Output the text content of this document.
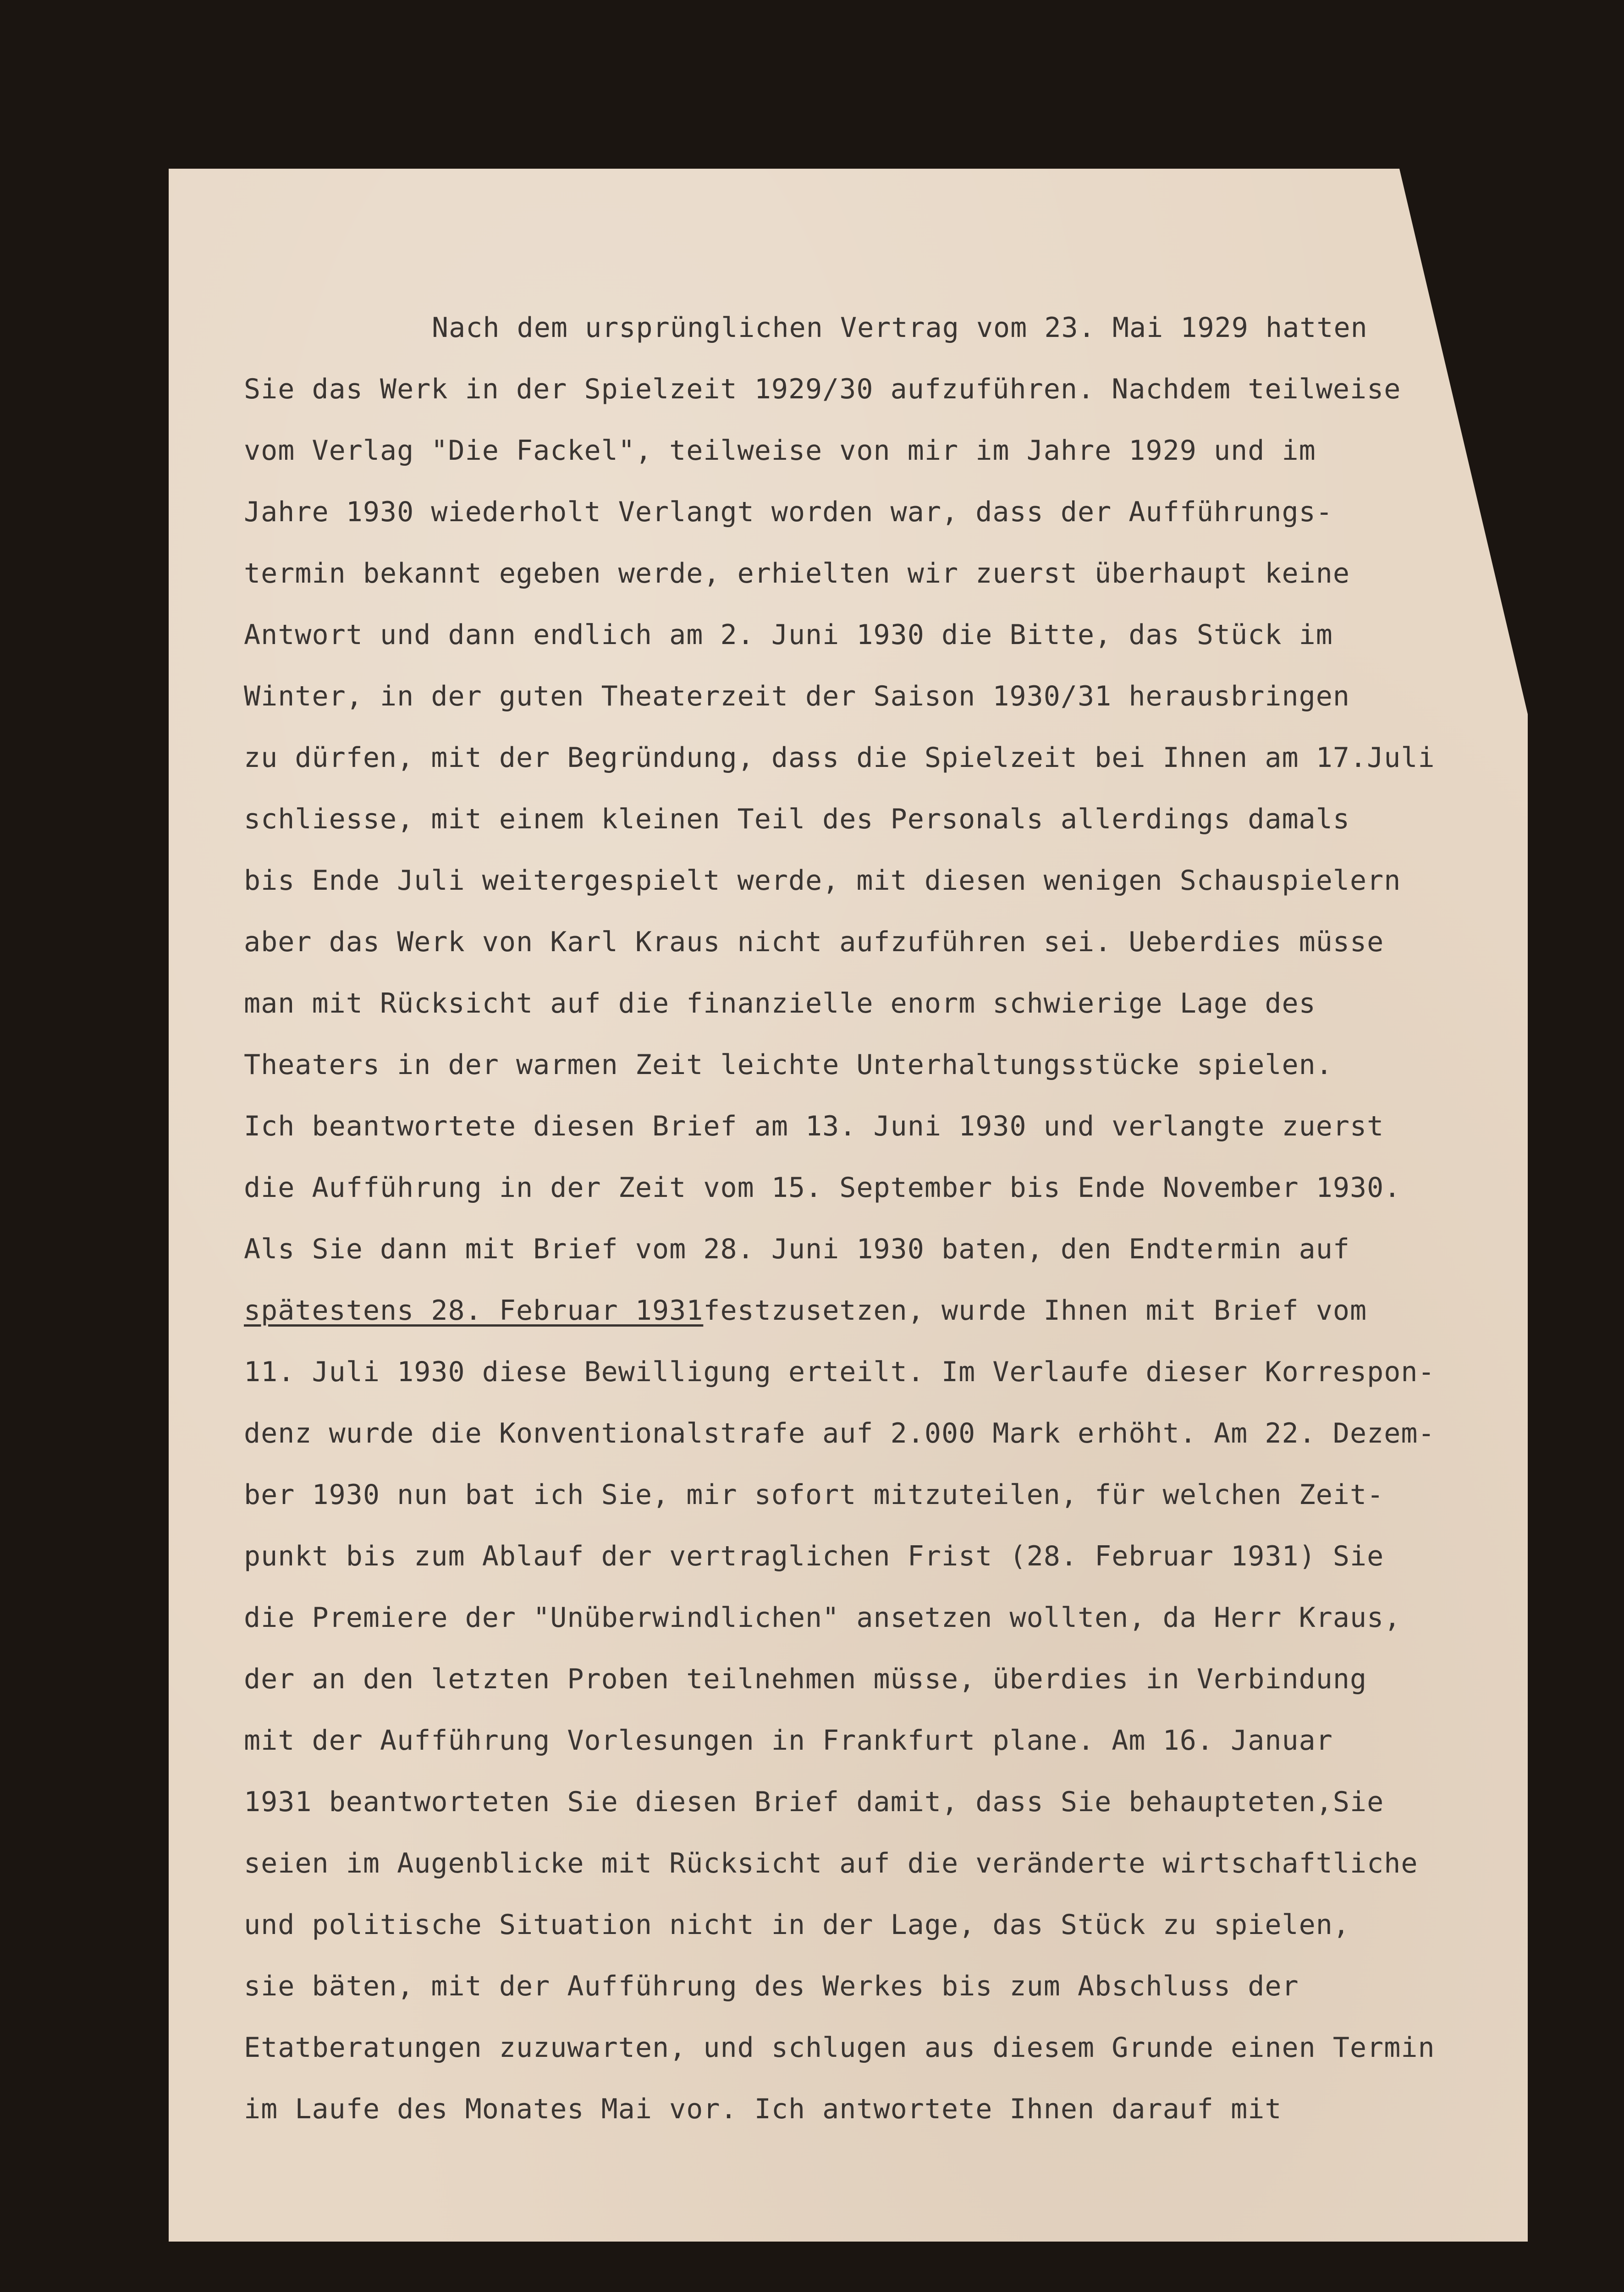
Nach dem ursprünglichen Vertrag vom 23. Mai 1929 hatten
Sie das Werk in der Spielzeit 1929/30 aufzuführen. Nachdem teilweise
vom Verlag "Die Fackel", teilweise von mir im Jahre 1929 und im
Jahre 1930 wiederholt Verlangt worden war, dass der Aufführungs-
termin bekannt egeben werde, erhielten wir zuerst überhaupt keine
Antwort und dann endlich am 2. Juni 1930 die Bitte, das Stück im
Winter, in der guten Theaterzeit der Saison 1930/31 herausbringen
zu dürfen, mit der Begründung, dass die Spielzeit bei Ihnen am 17.Juli
schliesse, mit einem kleinen Teil des Personals allerdings damals
bis Ende Juli weitergespielt werde, mit diesen wenigen Schauspielern
aber das Werk von Karl Kraus nicht aufzuführen sei. Ueberdies müsse
man mit Rücksicht auf die finanzielle enorm schwierige Lage des
Theaters in der warmen Zeit leichte Unterhaltungsstücke spielen.
Ich beantwortete diesen Brief am 13. Juni 1930 und verlangte zuerst
die Aufführung in der Zeit vom 15. September bis Ende November 1930.
Als Sie dann mit Brief vom 28. Juni 1930 baten, den Endtermin auf
spätestens 28. Februar 1931festzusetzen, wurde Ihnen mit Brief vom
11. Juli 1930 diese Bewilligung erteilt. Im Verlaufe dieser Korrespon-
denz wurde die Konventionalstrafe auf 2.000 Mark erhöht. Am 22. Dezem-
ber 1930 nun bat ich Sie, mir sofort mitzuteilen, für welchen Zeit-
punkt bis zum Ablauf der vertraglichen Frist (28. Februar 1931) Sie
die Premiere der "Unüberwindlichen" ansetzen wollten, da Herr Kraus,
der an den letzten Proben teilnehmen müsse, überdies in Verbindung
mit der Aufführung Vorlesungen in Frankfurt plane. Am 16. Januar
1931 beantworteten Sie diesen Brief damit, dass Sie behaupteten,Sie
seien im Augenblicke mit Rücksicht auf die veränderte wirtschaftliche
und politische Situation nicht in der Lage, das Stück zu spielen,
sie bäten, mit der Aufführung des Werkes bis zum Abschluss der
Etatberatungen zuzuwarten, und schlugen aus diesem Grunde einen Termin
im Laufe des Monates Mai vor. Ich antwortete Ihnen darauf mit
